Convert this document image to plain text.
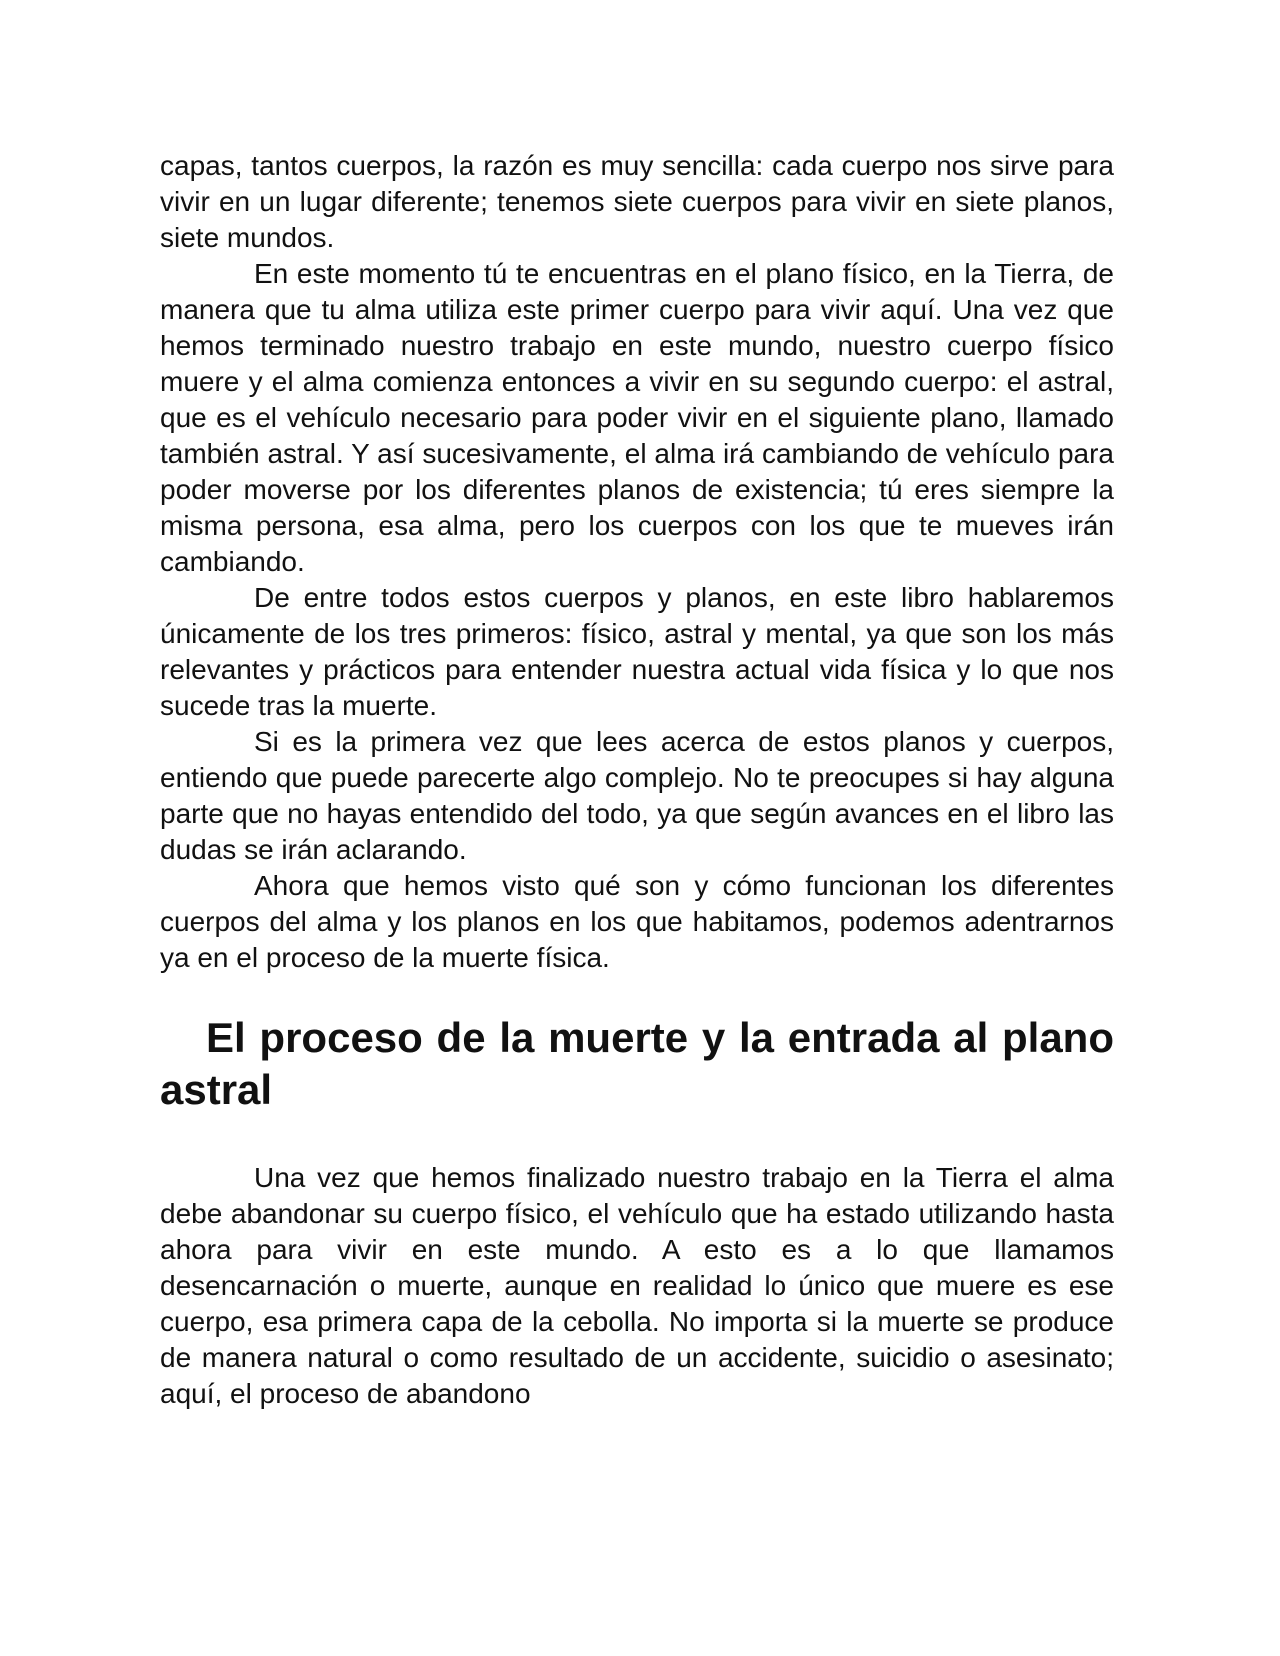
capas, tantos cuerpos, la razón es muy sencilla: cada cuerpo nos sirve para vivir en un lugar diferente; tenemos siete cuerpos para vivir en siete planos, siete mundos.

En este momento tú te encuentras en el plano físico, en la Tierra, de manera que tu alma utiliza este primer cuerpo para vivir aquí. Una vez que hemos terminado nuestro trabajo en este mundo, nuestro cuerpo físico muere y el alma comienza entonces a vivir en su segundo cuerpo: el astral, que es el vehículo necesario para poder vivir en el siguiente plano, llamado también astral. Y así sucesivamente, el alma irá cambiando de vehículo para poder moverse por los diferentes planos de existencia; tú eres siempre la misma persona, esa alma, pero los cuerpos con los que te mueves irán cambiando.

De entre todos estos cuerpos y planos, en este libro hablaremos únicamente de los tres primeros: físico, astral y mental, ya que son los más relevantes y prácticos para entender nuestra actual vida física y lo que nos sucede tras la muerte.

Si es la primera vez que lees acerca de estos planos y cuerpos, entiendo que puede parecerte algo complejo. No te preocupes si hay alguna parte que no hayas entendido del todo, ya que según avances en el libro las dudas se irán aclarando.

Ahora que hemos visto qué son y cómo funcionan los diferentes cuerpos del alma y los planos en los que habitamos, podemos adentrarnos ya en el proceso de la muerte física.

El proceso de la muerte y la entrada al plano astral

Una vez que hemos finalizado nuestro trabajo en la Tierra el alma debe abandonar su cuerpo físico, el vehículo que ha estado utilizando hasta ahora para vivir en este mundo. A esto es a lo que llamamos desencarnación o muerte, aunque en realidad lo único que muere es ese cuerpo, esa primera capa de la cebolla. No importa si la muerte se produce de manera natural o como resultado de un accidente, suicidio o asesinato; aquí, el proceso de abandono
